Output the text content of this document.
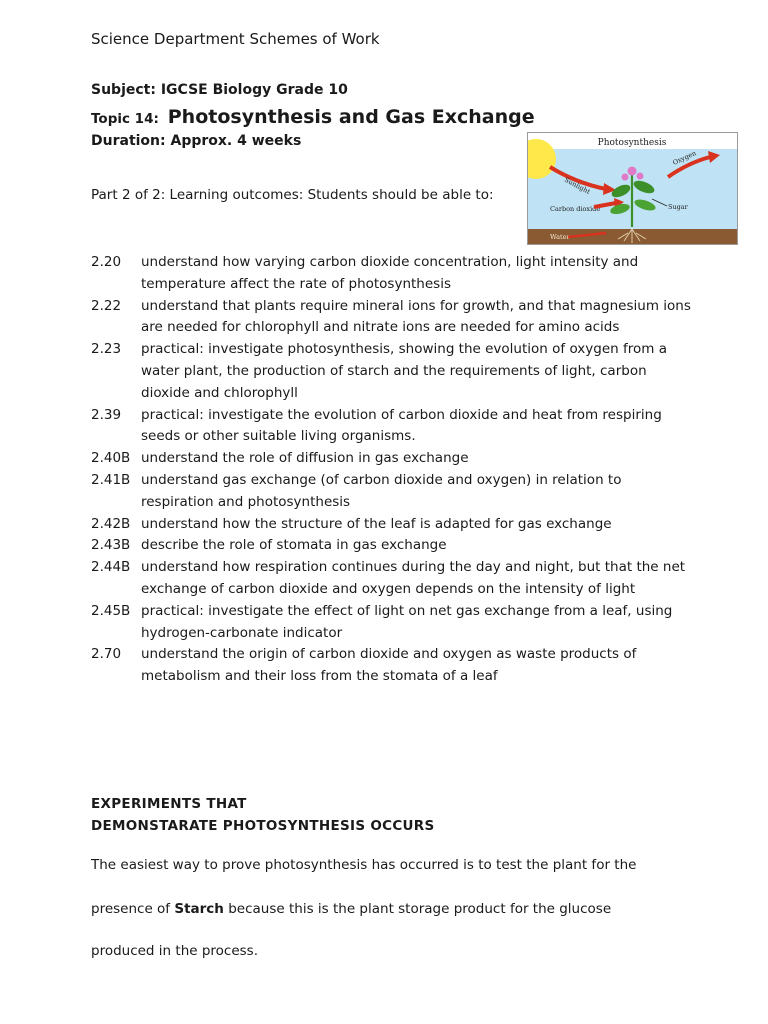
Science Department Schemes of Work
Subject: IGCSE Biology Grade 10
Topic 14: Photosynthesis and Gas Exchange
Duration: Approx. 4 weeks	Photosynthesis
Sunlight
Oxygen
Carbon dioxide	Sugar
Water
Part 2 of 2: Learning outcomes: Students should be able to:
2.20	understand how varying carbon dioxide concentration, light intensity and temperature affect the rate of photosynthesis
2.22	understand that plants require mineral ions for growth, and that magnesium ions are needed for chlorophyll and nitrate ions are needed for amino acids
2.23	practical: investigate photosynthesis, showing the evolution of oxygen from a water plant, the production of starch and the requirements of light, carbon dioxide and chlorophyll
2.39	practical: investigate the evolution of carbon dioxide and heat from respiring seeds or other suitable living organisms.
2.40B understand the role of diffusion in gas exchange
2.41B understand gas exchange (of carbon dioxide and oxygen) in relation to respiration and photosynthesis
2.42B understand how the structure of the leaf is adapted for gas exchange
2.43B describe the role of stomata in gas exchange
2.44B understand how respiration continues during the day and night, but that the net exchange of carbon dioxide and oxygen depends on the intensity of light
2.45B practical: investigate the effect of light on net gas exchange from a leaf, using hydrogen-carbonate indicator
2.70	understand the origin of carbon dioxide and oxygen as waste products of metabolism and their loss from the stomata of a leaf
EXPERIMENTS THAT
DEMONSTARATE PHOTOSYNTHESIS OCCURS
The easiest way to prove photosynthesis has occurred is to test the plant for the
presence of Starch because this is the plant storage product for the glucose
produced in the process.
